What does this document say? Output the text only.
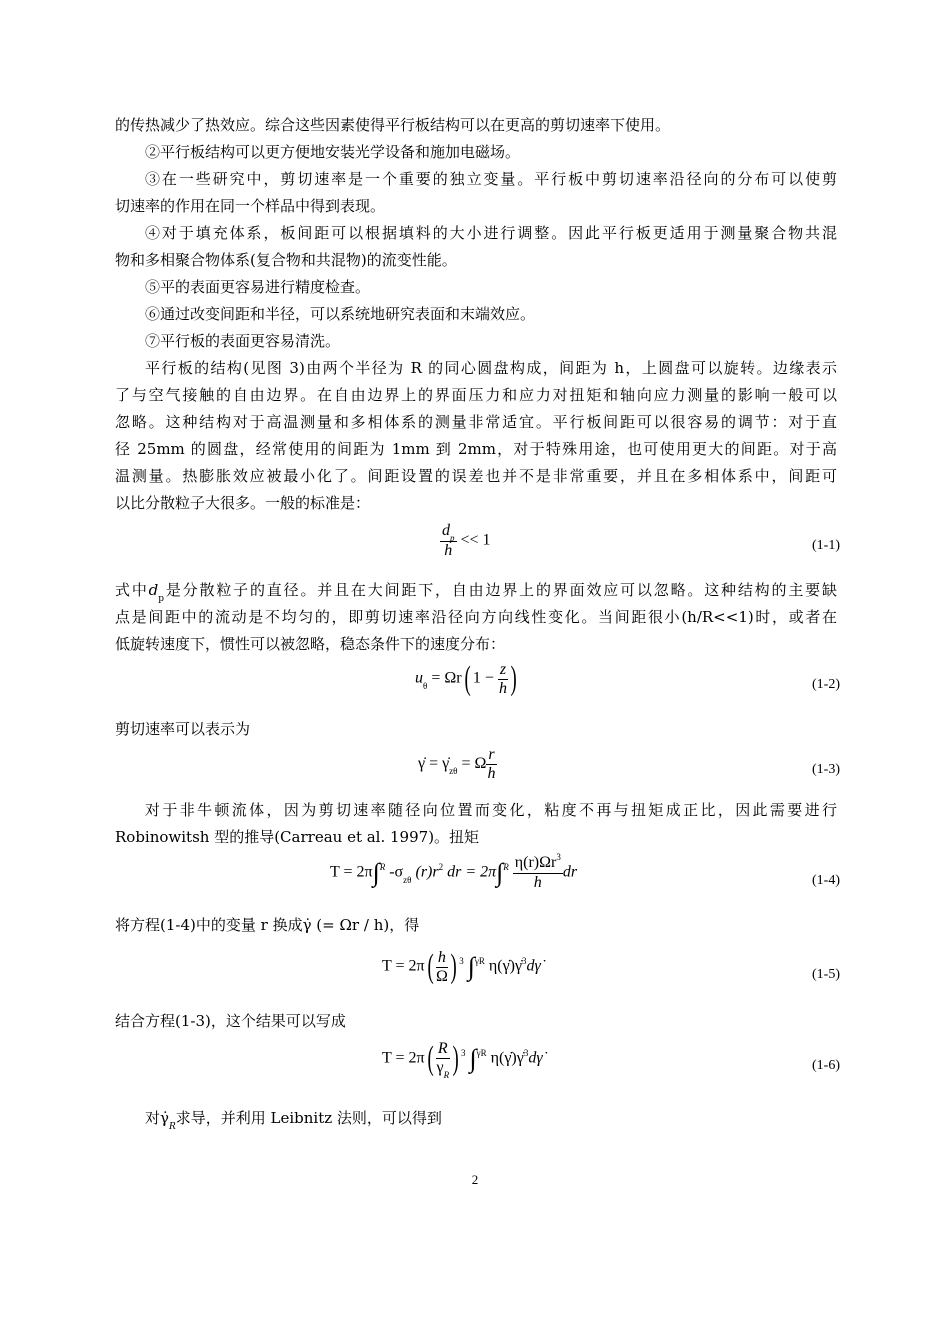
的传热减少了热效应。综合这些因素使得平行板结构可以在更高的剪切速率下使用。
②平行板结构可以更方便地安装光学设备和施加电磁场。
③在一些研究中，剪切速率是一个重要的独立变量。平行板中剪切速率沿径向的分布可以使剪
切速率的作用在同一个样品中得到表现。
④对于填充体系，板间距可以根据填料的大小进行调整。因此平行板更适用于测量聚合物共混
物和多相聚合物体系(复合物和共混物)的流变性能。
⑤平的表面更容易进行精度检查。
⑥通过改变间距和半径，可以系统地研究表面和末端效应。
⑦平行板的表面更容易清洗。
平行板的结构(见图 3)由两个半径为 R 的同心圆盘构成，间距为 h，上圆盘可以旋转。边缘表示
了与空气接触的自由边界。在自由边界上的界面压力和应力对扭矩和轴向应力测量的影响一般可以
忽略。这种结构对于高温测量和多相体系的测量非常适宜。平行板间距可以很容易的调节：对于直
径 25mm 的圆盘，经常使用的间距为 1mm 到 2mm，对于特殊用途，也可使用更大的间距。对于高
温测量。热膨胀效应被最小化了。间距设置的误差也并不是非常重要，并且在多相体系中，间距可
以比分散粒子大很多。一般的标准是：
$\frac{d_p}{h} << 1$	(1-1)
式中$d_p$是分散粒子的直径。并且在大间距下，自由边界上的界面效应可以忽略。这种结构的主要缺
点是间距中的流动是不均匀的，即剪切速率沿径向方向线性变化。当间距很小(h/R<<1)时，或者在
低旋转速度下，惯性可以被忽略，稳态条件下的速度分布：
$u_\theta = \Omega r$( $1 - \frac{z}{h}$ )	(1-2)
剪切速率可以表示为
γ̇ = $\gammȧ_{z\theta} = \Omega \frac{r}{h}$	(1-3)
对于非牛顿流体，因为剪切速率随径向位置而变化，粘度不再与扭矩成正比，因此需要进行
Robinowitsh 型的推导(Carreau et al. 1997)。扭矩
T = 2π∫$^R$ $-\sigma_{z\theta}$ $(r)r^2$ dr = $2\pi\int^R \frac{\eta(r)\Omega r^3}{h}$ dr	(1-4)
将方程(1-4)中的变量 r 换成γ̇ (= Ωr / h)，得
$T = 2\pi( \frac{h}{\Omega}$ ) $^3$ ∫$^{\gamma R}$ η(γ̇)γ̇$^3$dγ̇	(1-5)
结合方程(1-3)，这个结果可以写成
$T = 2\pi( \frac{R}{\gamma_R}$ ) $^3$ ∫$^{\gamma R}$ η(γ̇)γ̇$^3$dγ̇	(1-6)
对$\gammȧ_R$求导，并利用 Leibnitz 法则，可以得到
2
